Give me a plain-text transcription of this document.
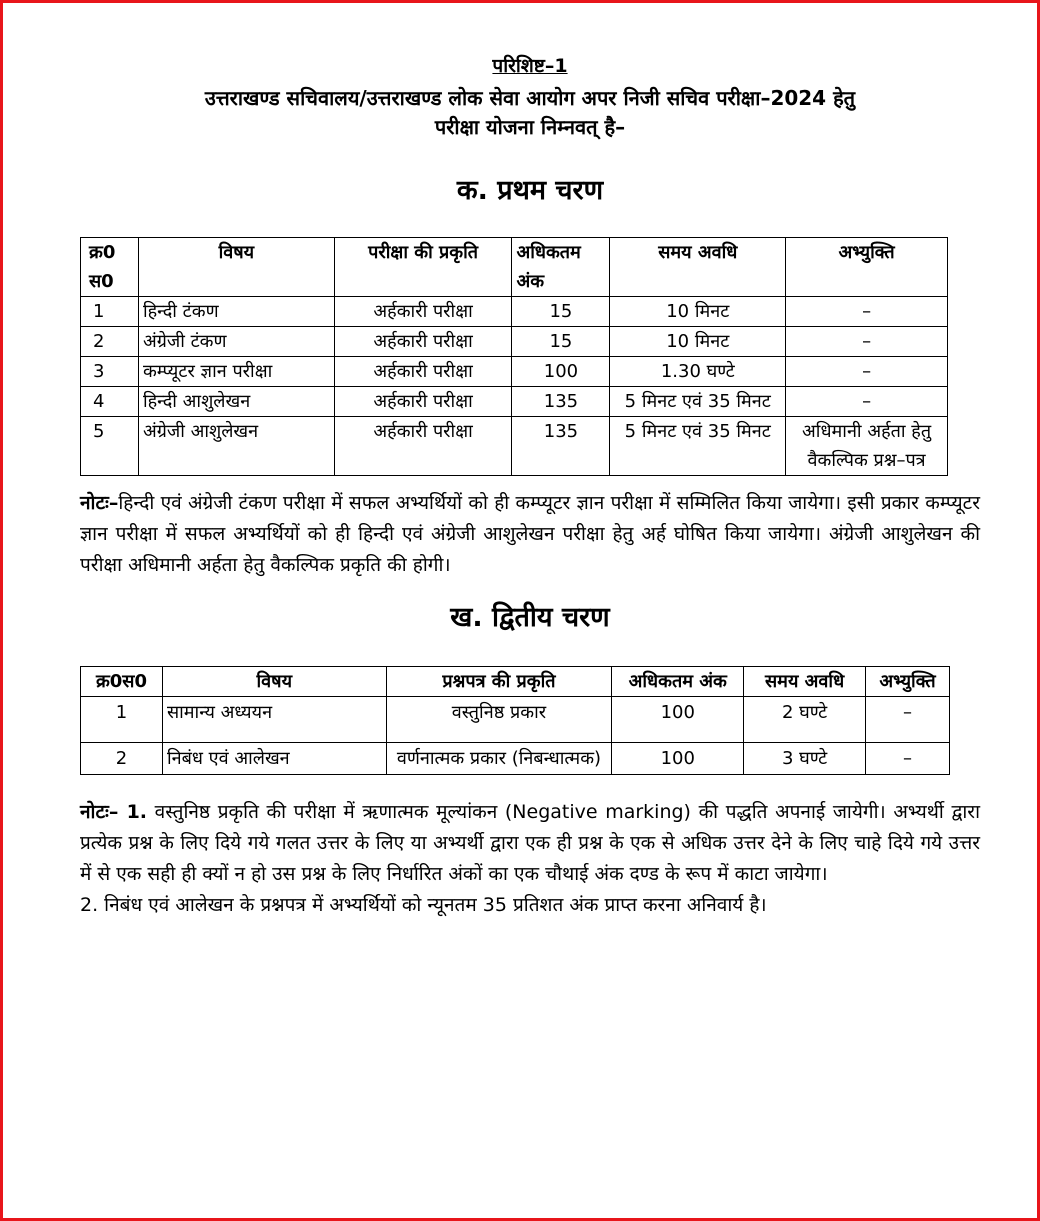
परिशिष्ट–1

उत्तराखण्ड सचिवालय/उत्तराखण्ड लोक सेवा आयोग अपर निजी सचिव परीक्षा–2024 हेतु

परीक्षा योजना निम्नवत् है–

क. प्रथम चरण

क्र0 स0	विषय	परीक्षा की प्रकृति	अधिकतम अंक	समय अवधि	अभ्युक्ति
1	हिन्दी टंकण	अर्हकारी परीक्षा	15	10 मिनट	–
2	अंग्रेजी टंकण	अर्हकारी परीक्षा	15	10 मिनट	–
3	कम्प्यूटर ज्ञान परीक्षा	अर्हकारी परीक्षा	100	1.30 घण्टे	–
4	हिन्दी आशुलेखन	अर्हकारी परीक्षा	135	5 मिनट एवं 35 मिनट	–
5	अंग्रेजी आशुलेखन	अर्हकारी परीक्षा	135	5 मिनट एवं 35 मिनट	अधिमानी अर्हता हेतु वैकल्पिक प्रश्न–पत्र

नोटः–हिन्दी एवं अंग्रेजी टंकण परीक्षा में सफल अभ्यर्थियों को ही कम्प्यूटर ज्ञान परीक्षा में सम्मिलित किया जायेगा। इसी प्रकार कम्प्यूटर ज्ञान परीक्षा में सफल अभ्यर्थियों को ही हिन्दी एवं अंग्रेजी आशुलेखन परीक्षा हेतु अर्ह घोषित किया जायेगा। अंग्रेजी आशुलेखन की परीक्षा अधिमानी अर्हता हेतु वैकल्पिक प्रकृति की होगी।

ख. द्वितीय चरण

क्र0स0	विषय	प्रश्नपत्र की प्रकृति	अधिकतम अंक	समय अवधि	अभ्युक्ति
1	सामान्य अध्ययन	वस्तुनिष्ठ प्रकार	100	2 घण्टे	–
2	निबंध एवं आलेखन	वर्णनात्मक प्रकार (निबन्धात्मक)	100	3 घण्टे	–

नोटः– 1. वस्तुनिष्ठ प्रकृति की परीक्षा में ऋणात्मक मूल्यांकन (Negative marking) की पद्धति अपनाई जायेगी। अभ्यर्थी द्वारा प्रत्येक प्रश्न के लिए दिये गये गलत उत्तर के लिए या अभ्यर्थी द्वारा एक ही प्रश्न के एक से अधिक उत्तर देने के लिए चाहे दिये गये उत्तर में से एक सही ही क्यों न हो उस प्रश्न के लिए निर्धारित अंकों का एक चौथाई अंक दण्ड के रूप में काटा जायेगा।

2. निबंध एवं आलेखन के प्रश्नपत्र में अभ्यर्थियों को न्यूनतम 35 प्रतिशत अंक प्राप्त करना अनिवार्य है।
